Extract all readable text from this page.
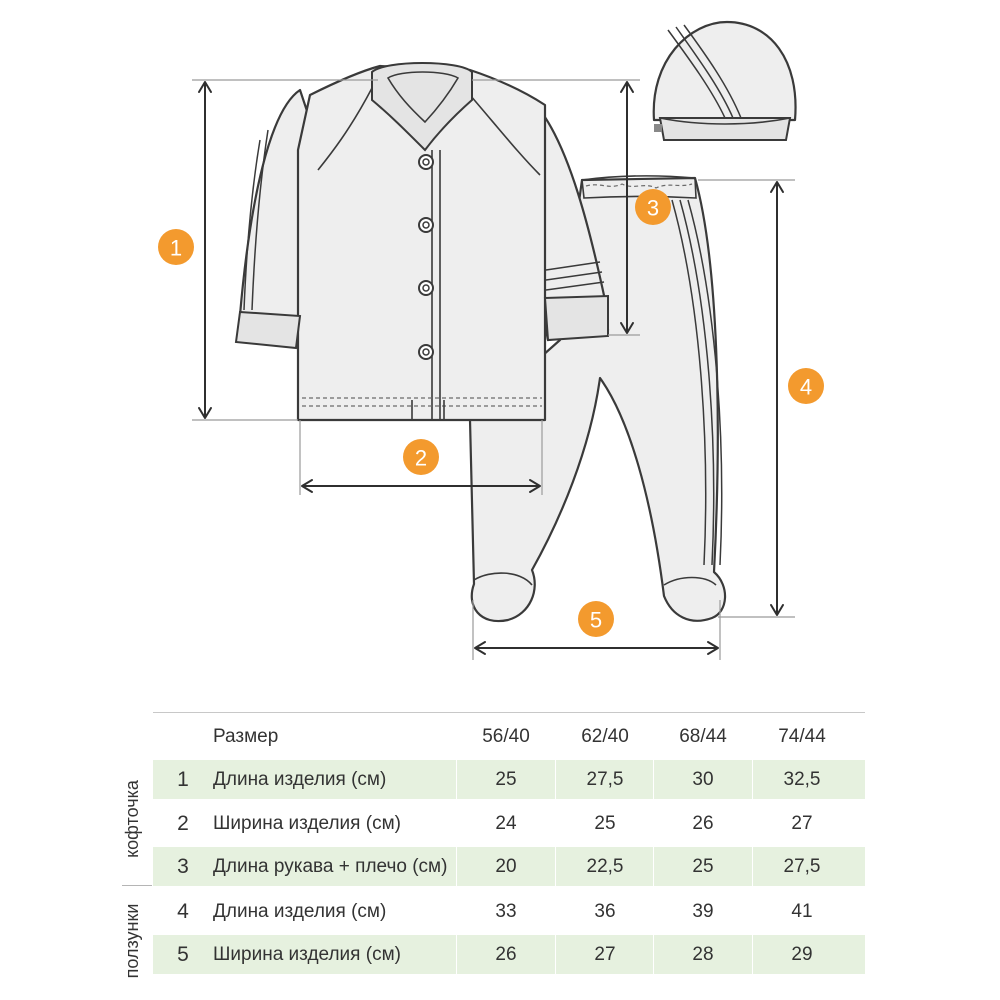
1
2
3
4
5
Размер	56/40	62/40	68/44	74/44
1 Длина изделия (см)	25	27,5	30	32,5
2 Ширина изделия (см)	24	25	26	27
3 Длина рукава + плечо (см)	20	22,5	25	27,5
4 Длина изделия (см)	33	36	39	41
5 Ширина изделия (см)	26	27	28	29
кофточка
ползунки
